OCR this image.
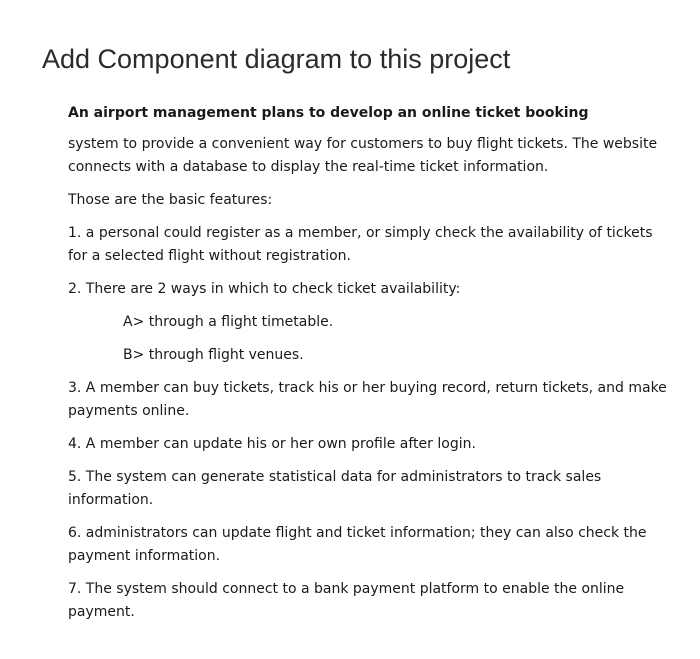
Add Component diagram to this project

An airport management plans to develop an online ticket booking

system to provide a convenient way for customers to buy flight tickets. The website connects with a database to display the real-time ticket information.

Those are the basic features:

1. a personal could register as a member, or simply check the availability of tickets for a selected flight without registration.

2. There are 2 ways in which to check ticket availability:

A> through a flight timetable.

B> through flight venues.

3. A member can buy tickets, track his or her buying record, return tickets, and make payments online.

4. A member can update his or her own profile after login.

5. The system can generate statistical data for administrators to track sales information.

6. administrators can update flight and ticket information; they can also check the payment information.

7. The system should connect to a bank payment platform to enable the online payment.
